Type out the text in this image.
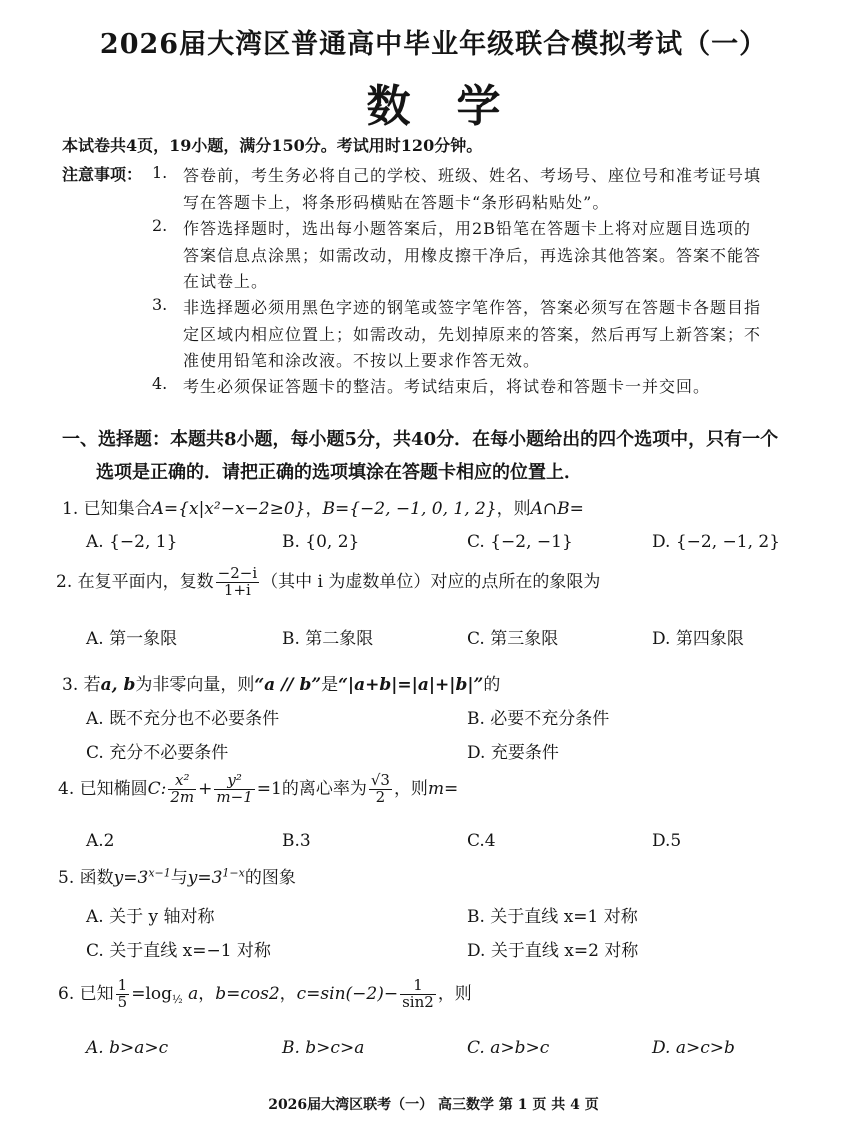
2026届大湾区普通高中毕业年级联合模拟考试（一）
数学
本试卷共4页，19小题，满分150分。考试用时120分钟。
注意事项： 1. 答卷前，考生务必将自己的学校、班级、姓名、考场号、座位号和准考证号填
写在答题卡上，将条形码横贴在答题卡“条形码粘贴处”。
2. 作答选择题时，选出每小题答案后，用2B铅笔在答题卡上将对应题目选项的
答案信息点涂黑；如需改动，用橡皮擦干净后，再选涂其他答案。答案不能答
在试卷上。
3. 非选择题必须用黑色字迹的钢笔或签字笔作答，答案必须写在答题卡各题目指
定区域内相应位置上；如需改动，先划掉原来的答案，然后再写上新答案；不
准使用铅笔和涂改液。不按以上要求作答无效。
4. 考生必须保证答题卡的整洁。考试结束后，将试卷和答题卡一并交回。
一、选择题：本题共8小题，每小题5分，共40分．在每小题给出的四个选项中，只有一个
选项是正确的．请把正确的选项填涂在答题卡相应的位置上．
1. 已知集合A={x|x²−x−2≥0}，B={−2, −1, 0, 1, 2}，则A∩B=
A. {−2, 1}	B. {0, 2}	C. {−2, −1}	D. {−2, −1, 2}
2. 在复平面内，复数 $\frac{-2-i}{1+i}$ （其中 i 为虚数单位）对应的点所在的象限为
A. 第一象限	B. 第二象限	C. 第三象限	D. 第四象限
3. 若a, b为非零向量，则“a // b”是“|a+b|=|a|+|b|”的
A. 既不充分也不必要条件	B. 必要不充分条件
C. 充分不必要条件	D. 充要条件
4. 已知椭圆C: $\frac{\text{x²}}{2m} + \frac{\text{y²}}{m-1} =1$的离心率为 $\frac{√3}{2}$ ，则m=
A.2	B.3	C.4	D.5
5. 函数$y=3^{x-1}$与$y=3^{1-x}$的图象
A. 关于 y 轴对称	B. 关于直线 x=1 对称
C. 关于直线 x=−1 对称	D. 关于直线 x=2 对称
6. 已知 $\frac{1}{5} =\log_{\frac{1}{2}}$ a，b=cos2，$c=\sin(-2)- \frac{1}{\sin 2}$ ，则
A. b>a>c	B. b>c>a	C. a>b>c	D. a>c>b
2026届大湾区联考（一） 高三数学 第 1 页 共 4 页
